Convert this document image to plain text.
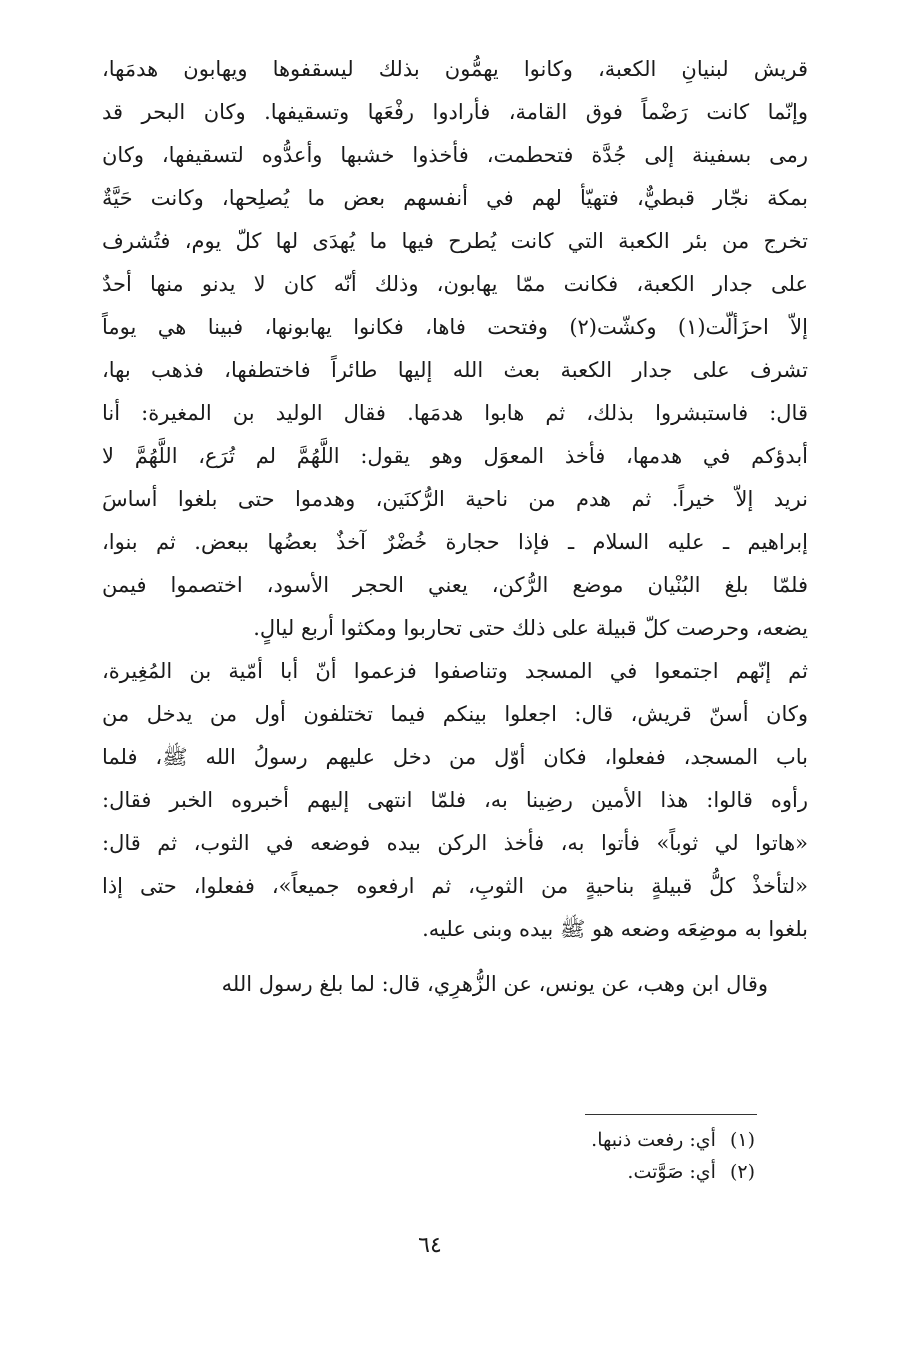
قريش لبنيانِ الكعبة، وكانوا يهمُّون بذلك ليسقفوها ويهابون هدمَها،
وإنّما كانت رَضْماً فوق القامة، فأرادوا رفْعَها وتسقيفها. وكان البحر قد
رمى بسفينة إلى جُدَّة فتحطمت، فأخذوا خشبها وأعدُّوه لتسقيفها، وكان
بمكة نجّار قبطيٌّ، فتهيّأ لهم في أنفسهم بعض ما يُصلِحها، وكانت حَيَّةٌ
تخرج من بئر الكعبة التي كانت يُطرح فيها ما يُهدَى لها كلّ يوم، فتُشرف
على جدار الكعبة، فكانت ممّا يهابون، وذلك أنّه كان لا يدنو منها أحدٌ
إلاّ احزَألّت(١) وكشّت(٢) وفتحت فاها، فكانوا يهابونها، فبينا هي يوماً
تشرف على جدار الكعبة بعث الله إليها طائراً فاختطفها، فذهب بها،
قال: فاستبشروا بذلك، ثم هابوا هدمَها. فقال الوليد بن المغيرة: أنا
أبدؤكم في هدمها، فأخذ المعوَل وهو يقول: اللَّهُمَّ لم تُرَع، اللَّهُمَّ لا
نريد إلاّ خيراً. ثم هدم من ناحية الرُّكنَين، وهدموا حتى بلغوا أساسَ
إبراهيم ـ عليه السلام ـ فإذا حجارة خُضْرٌ آخذٌ بعضُها ببعض. ثم بنوا،
فلمّا بلغ البُنْيان موضع الرُّكن، يعني الحجر الأسود، اختصموا فيمن
يضعه، وحرصت كلّ قبيلة على ذلك حتى تحاربوا ومكثوا أربع ليالٍ.
ثم إنّهم اجتمعوا في المسجد وتناصفوا فزعموا أنّ أبا أمّية بن المُغِيرة،
وكان أسنّ قريش، قال: اجعلوا بينكم فيما تختلفون أول من يدخل من
باب المسجد، ففعلوا، فكان أوّل من دخل عليهم رسولُ الله ﷺ، فلما
رأوه قالوا: هذا الأمين رضِينا به، فلمّا انتهى إليهم أخبروه الخبر فقال:
«هاتوا لي ثوباً» فأتوا به، فأخذ الركن بيده فوضعه في الثوب، ثم قال:
«لتأخذْ كلُّ قبيلةٍ بناحيةٍ من الثوبِ، ثم ارفعوه جميعاً»، ففعلوا، حتى إذا
بلغوا به موضِعَه وضعه هو ﷺ بيده وبنى عليه.
وقال ابن وهب، عن يونس، عن الزُّهرِي، قال: لما بلغ رسول الله
(١)أي: رفعت ذنبها.
(٢)أي: صَوَّتت.
٦٤
